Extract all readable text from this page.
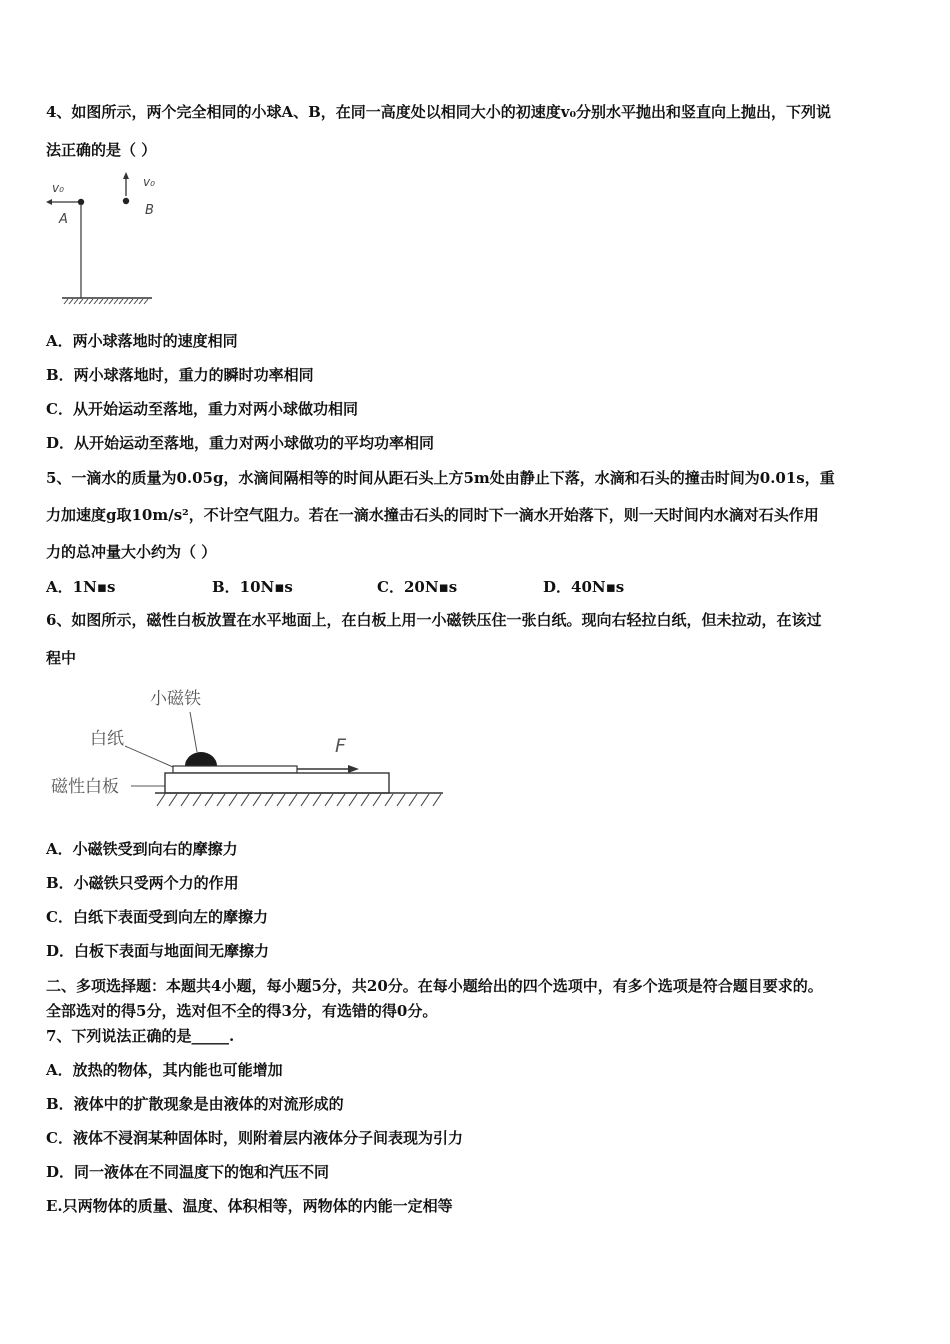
4、如图所示，两个完全相同的小球A、B，在同一高度处以相同大小的初速度v₀分别水平抛出和竖直向上抛出，下列说
法正确的是（ ）
v₀
A
v₀
B
A．两小球落地时的速度相同
B．两小球落地时，重力的瞬时功率相同
C．从开始运动至落地，重力对两小球做功相同
D．从开始运动至落地，重力对两小球做功的平均功率相同
5、一滴水的质量为0.05g，水滴间隔相等的时间从距石头上方5m处由静止下落，水滴和石头的撞击时间为0.01s，重
力加速度g取10m/s²，不计空气阻力。若在一滴水撞击石头的同时下一滴水开始落下，则一天时间内水滴对石头作用
力的总冲量大小约为（ ）
A．1N▪s	B．10N▪s	C．20N▪s	D．40N▪s
6、如图所示，磁性白板放置在水平地面上，在白板上用一小磁铁压住一张白纸。现向右轻拉白纸，但未拉动，在该过
程中
小磁铁
白纸
磁性白板
F
A．小磁铁受到向右的摩擦力
B．小磁铁只受两个力的作用
C．白纸下表面受到向左的摩擦力
D．白板下表面与地面间无摩擦力
二、多项选择题：本题共4小题，每小题5分，共20分。在每小题给出的四个选项中，有多个选项是符合题目要求的。
全部选对的得5分，选对但不全的得3分，有选错的得0分。
7、下列说法正确的是_____.
A．放热的物体，其内能也可能增加
B．液体中的扩散现象是由液体的对流形成的
C．液体不浸润某种固体时，则附着层内液体分子间表现为引力
D．同一液体在不同温度下的饱和汽压不同
E.只两物体的质量、温度、体积相等，两物体的内能一定相等
